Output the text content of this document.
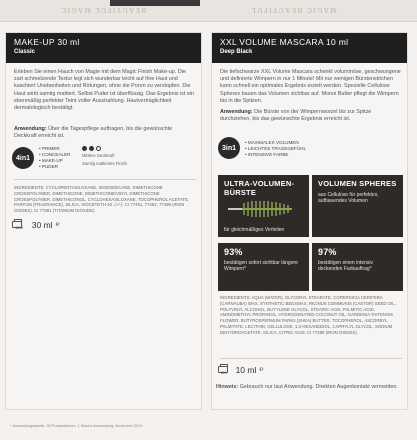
BEAUTIFUL MAGIC	MAGIC BEAUTIFUL
MAKE-UP 30 ml
Classic
Erleben Sie einen Hauch von Magie mit dem Magic Finish Make-up. Die zart schmelzende Textur legt sich wunderbar leicht auf Ihre Haut und kaschiert Unebenheiten und Rötungen, ohne die Poren zu verstopfen. Die Haut wirkt samtig mattiert. Selbst Puder ist überflüssig. Das Ergebnis ist ein ebenmäßig perfekter Teint voller Ausstrahlung. Hautverträglichkeit dermatologisch bestätigt.
Anwendung: Über die Tagespflege auftragen, bis die gewünschte Deckkraft erreicht ist.
4in1
• PRIMER
• CONCEALER
• MAKE-UP
• PUDER
Mittlere Deckkraft
Samtig mattiertes Finish
INGREDIENTS: CYCLOPENTASILOXANE, ISODODECANE, DIMETHICONE CROSSPOLYMER, DIMETHICONE, DIMETHICONE/VINYL DIMETHICONE CROSSPOLYMER, DIMETHICONOL, CYCLOHEXASILOXANE, TOCOPHEROL ACETATE, PARFUM (FRAGRANCE), SILICA, ISOCETETH-10. (+/-): CI 77491, 77492, 77499 (IRON OXIDES), CI 77891 (TITANIUM DIOXIDE).
12M 30 ml ℮
XXL VOLUME MASCARA 10 ml
Deep Black
Die tiefschwarze XXL Volume Mascara schenkt voluminöse, geschwungene und definierte Wimpern in nur 1 Minute! Mit nur wenigen Bürstenstrichen kann schnell ein optimales Ergebnis erzielt werden. Spezielle Cellulose Spheres bauen das Volumen sichtbar auf. Monoi Butter pflegt die Wimpern bis in die Spitzen.
Anwendung: Die Bürste von der Wimpernwurzel bis zur Spitze durchziehen, bis das gewünschte Ergebnis erreicht ist.
3in1
• MAXIMALES VOLUMEN
• LEICHTES TRAGEGEFÜHL
• INTENSIVE FARBE
ULTRA-VOLUMEN-BÜRSTE
für gleichmäßiges Verteilen
VOLUMEN SPHERES
aus Cellulose für perfektes, aufbauendes Volumen
93%
bestätigen sofort sichtbar längere Wimpern*
97%
bestätigen einen intensiv deckenden Farbauftrag*
INGREDIENTS: AQUA (WATER), GLYCERYL STEARATE, COPERNICIA CERIFERA (CARNAUBA) WAX, SYNTHETIC BEESWAX, RICINUS COMMUNIS (CASTOR) SEED OIL, POLYVINYL ALCOHOL, BUTYLENE GLYCOL, STEARIC ACID, PALMITIC ACID, AMINOMETHYL PROPANOL, HYDROGENATED COCONUT OIL, GARDENIA TAITENSIS FLOWER, BUTYROSPERMUM PARKII (SHEA) BUTTER, TOCOPHEROL, ASCORBYL PALMITATE, LECITHIN, CELLULOSE, 1,2-HEXANEDIOL, CAPRYLYL GLYCOL, SODIUM DEHYDROACETATE, SILICA, CITRIC ACID, CI 77499 (IRON OXIDES).
6M 10 ml ℮
Hinweis: Gebrauch nur laut Anwendung. Direkten Augenkontakt vermeiden.
* Anwendungsstudie, 30 Probandinnen, 1 Woche Anwendung, November 2019
